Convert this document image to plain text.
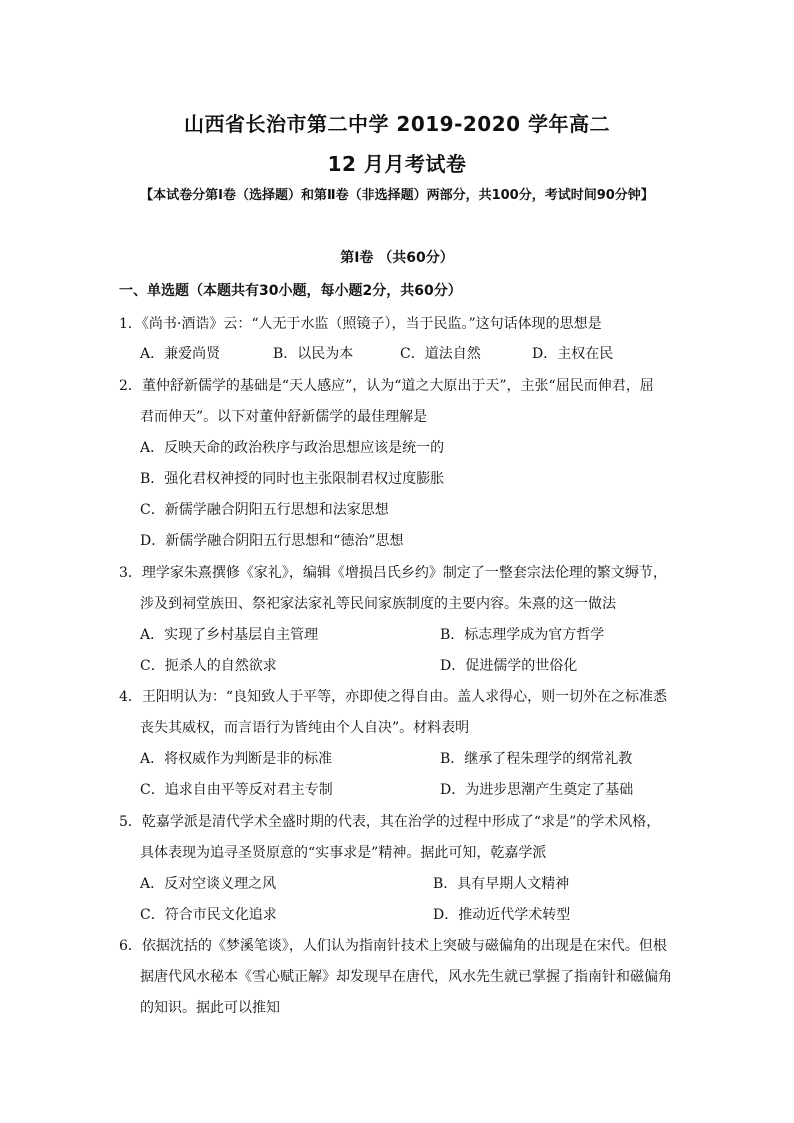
山西省长治市第二中学 2019-2020 学年高二
12 月月考试卷
【本试卷分第Ⅰ卷（选择题）和第Ⅱ卷（非选择题）两部分，共100分，考试时间90分钟】
第Ⅰ卷 （共60分）
一、单选题（本题共有30小题，每小题2分，共60分）
1．《尚书·酒诰》云：“人无于水监（照镜子），当于民监。”这句话体现的思想是
A．兼爱尚贤	B．以民为本	C．道法自然	D．主权在民
2．董仲舒新儒学的基础是“天人感应”，认为“道之大原出于天”，主张“屈民而伸君，屈
君而伸天”。以下对董仲舒新儒学的最佳理解是
A．反映天命的政治秩序与政治思想应该是统一的
B．强化君权神授的同时也主张限制君权过度膨胀
C．新儒学融合阴阳五行思想和法家思想
D．新儒学融合阴阳五行思想和“德治”思想
3．理学家朱熹撰修《家礼》，编辑《增损吕氏乡约》制定了一整套宗法伦理的繁文缛节，
涉及到祠堂族田、祭祀家法家礼等民间家族制度的主要内容。朱熹的这一做法
A．实现了乡村基层自主管理	B．标志理学成为官方哲学
C．扼杀人的自然欲求	D．促进儒学的世俗化
4．王阳明认为：“良知致人于平等，亦即使之得自由。盖人求得心，则一切外在之标准悉
丧失其威权，而言语行为皆纯由个人自决”。材料表明
A．将权威作为判断是非的标准	B．继承了程朱理学的纲常礼教
C．追求自由平等反对君主专制	D．为进步思潮产生奠定了基础
5．乾嘉学派是清代学术全盛时期的代表，其在治学的过程中形成了“求是”的学术风格，
具体表现为追寻圣贤原意的“实事求是”精神。据此可知，乾嘉学派
A．反对空谈义理之风	B．具有早期人文精神
C．符合市民文化追求	D．推动近代学术转型
6．依据沈括的《梦溪笔谈》，人们认为指南针技术上突破与磁偏角的出现是在宋代。但根
据唐代风水秘本《雪心赋正解》却发现早在唐代，风水先生就已掌握了指南针和磁偏角
的知识。据此可以推知
